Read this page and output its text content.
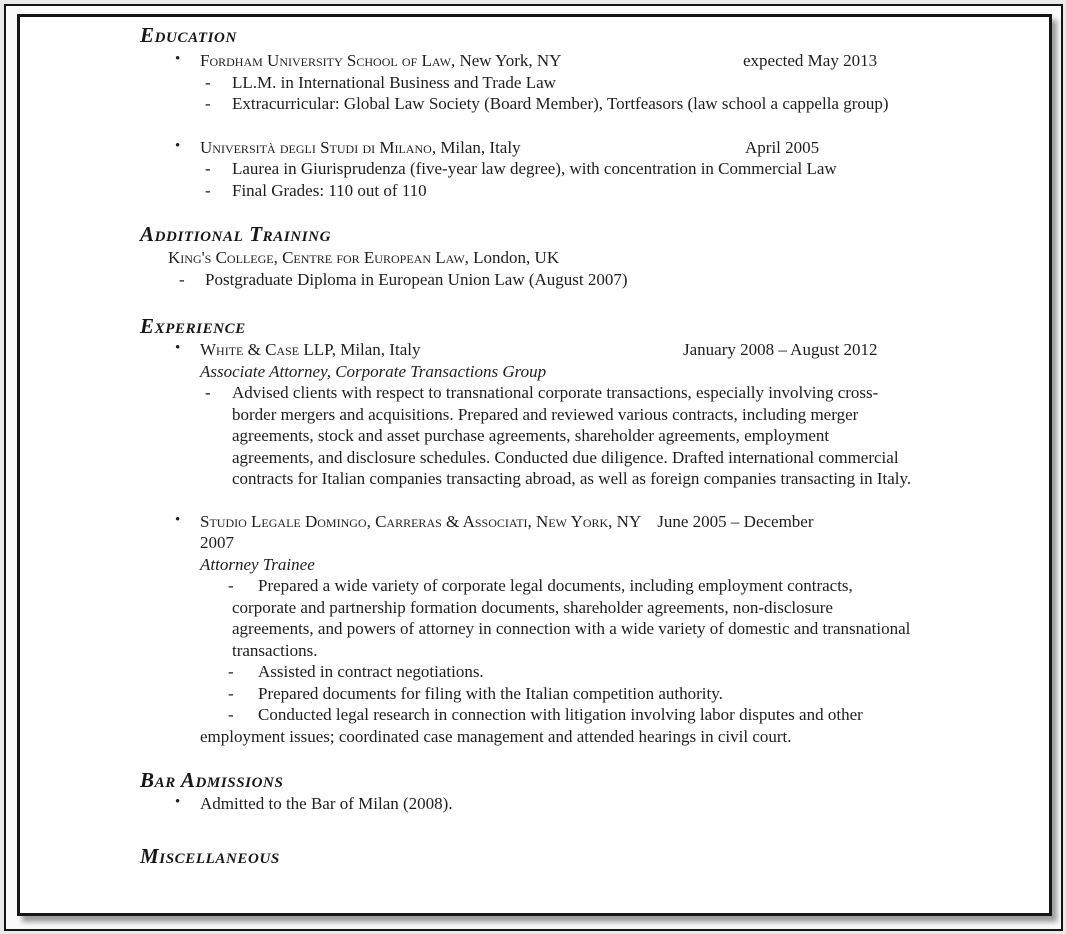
Education
• Fordham University School of Law, New York, NY	expected May 2013
- LL.M. in International Business and Trade Law
- Extracurricular: Global Law Society (Board Member), Tortfeasors (law school a cappella group)
• Università degli Studi di Milano, Milan, Italy	April 2005
- Laurea in Giurisprudenza (five-year law degree), with concentration in Commercial Law
- Final Grades: 110 out of 110
Additional Training
King's College, Centre for European Law, London, UK
- Postgraduate Diploma in European Union Law (August 2007)
Experience
• White & Case LLP, Milan, Italy	January 2008 – August 2012
Associate Attorney, Corporate Transactions Group
- Advised clients with respect to transnational corporate transactions, especially involving cross-border mergers and acquisitions. Prepared and reviewed various contracts, including merger agreements, stock and asset purchase agreements, shareholder agreements, employment agreements, and disclosure schedules. Conducted due diligence. Drafted international commercial contracts for Italian companies transacting abroad, as well as foreign companies transacting in Italy.
• Studio Legale Domingo, Carreras & Associati, New York, NY June 2005 – December
2007
Attorney Trainee
- Prepared a wide variety of corporate legal documents, including employment contracts, corporate and partnership formation documents, shareholder agreements, non-disclosure agreements, and powers of attorney in connection with a wide variety of domestic and transnational transactions.
- Assisted in contract negotiations.
- Prepared documents for filing with the Italian competition authority.
- Conducted legal research in connection with litigation involving labor disputes and other employment issues; coordinated case management and attended hearings in civil court.
Bar Admissions
• Admitted to the Bar of Milan (2008).
Miscellaneous
